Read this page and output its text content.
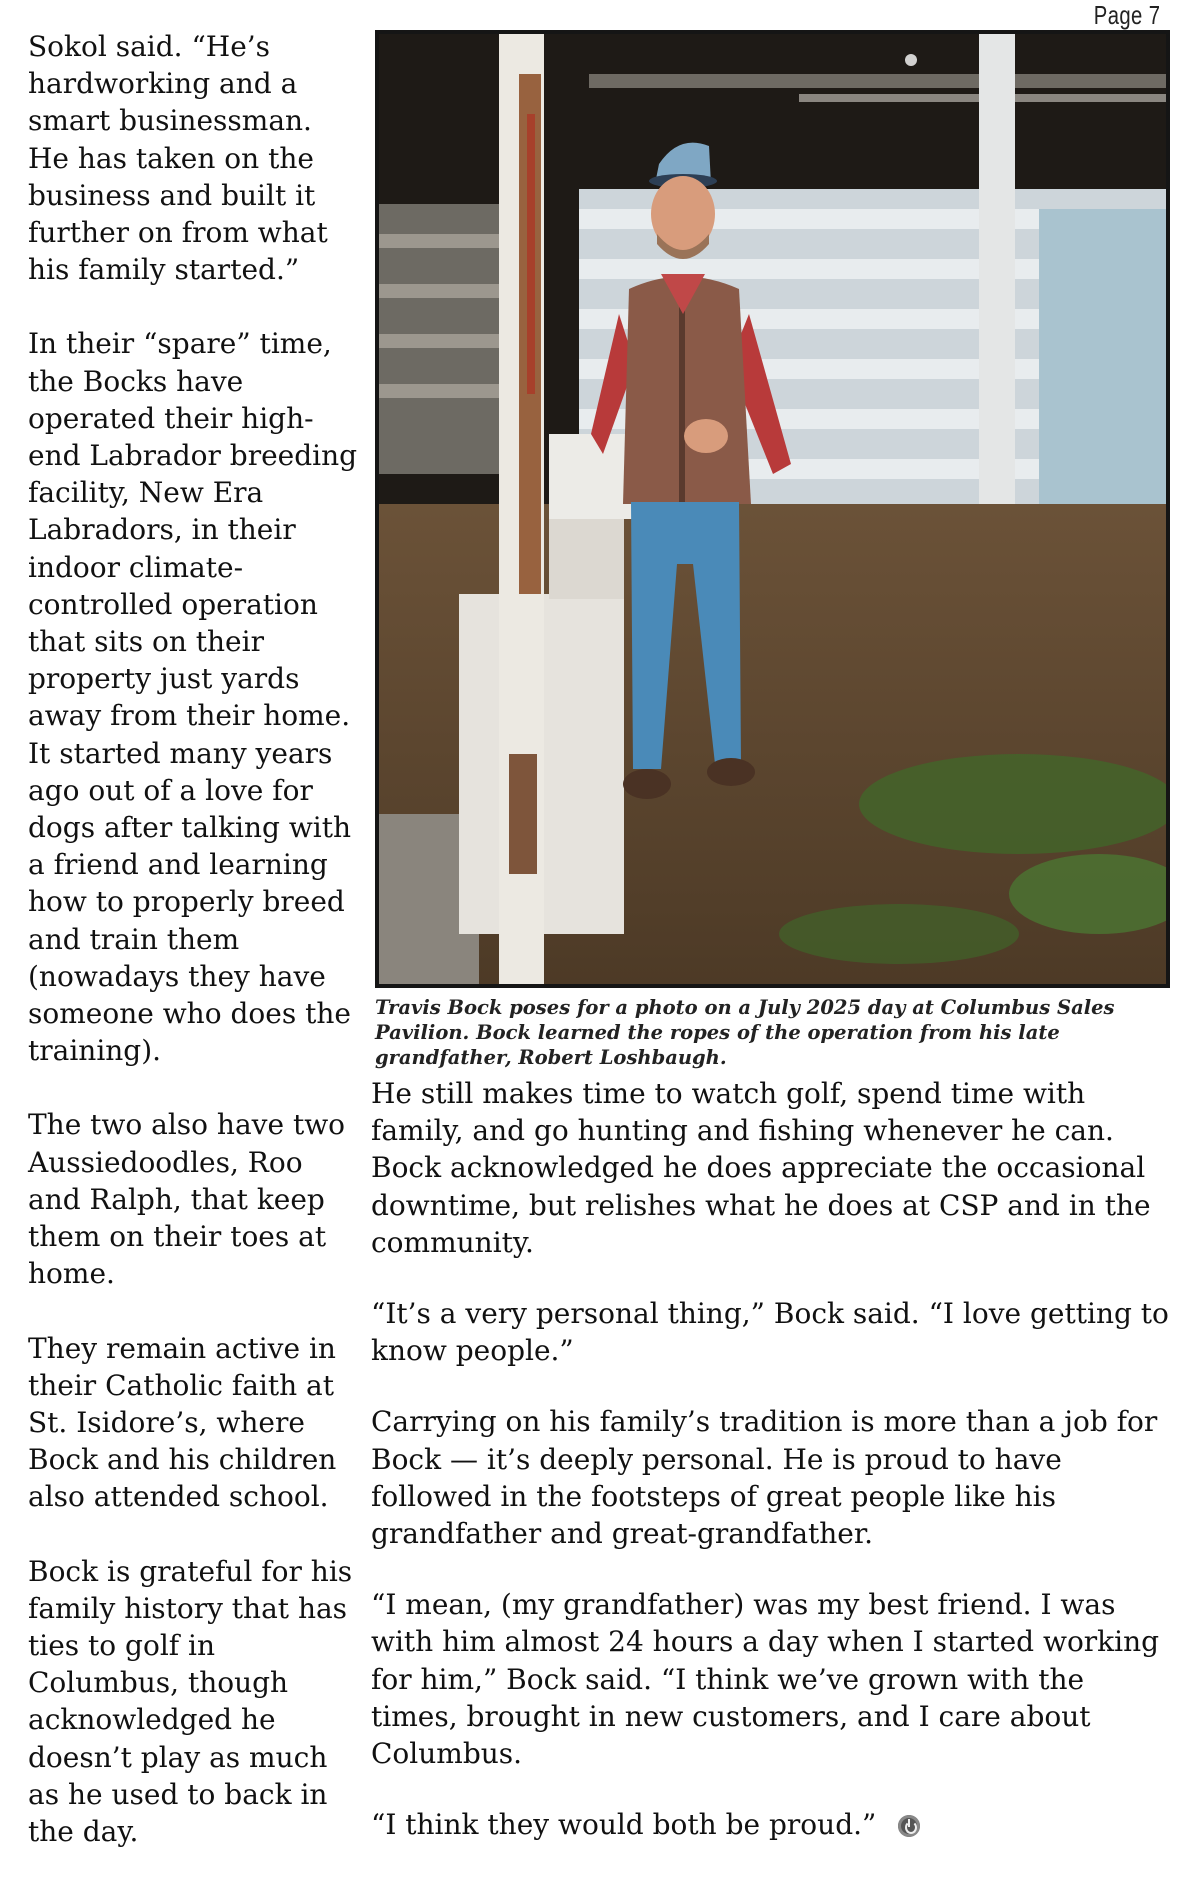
Page 7

Sokol said. “He’s hardworking and a smart businessman. He has taken on the business and built it further on from what his family started.”

In their “spare” time, the Bocks have operated their high-end Labrador breeding facility, New Era Labradors, in their indoor climate-controlled operation that sits on their property just yards away from their home. It started many years ago out of a love for dogs after talking with a friend and learning how to properly breed and train them (nowadays they have someone who does the training).

The two also have two Aussiedoodles, Roo and Ralph, that keep them on their toes at home.

They remain active in their Catholic faith at St. Isidore’s, where Bock and his children also attended school.

Bock is grateful for his family history that has ties to golf in Columbus, though acknowledged he doesn’t play as much as he used to back in the day.

Travis Bock poses for a photo on a July 2025 day at Columbus Sales Pavilion. Bock learned the ropes of the operation from his late grandfather, Robert Loshbaugh.

He still makes time to watch golf, spend time with family, and go hunting and fishing whenever he can. Bock acknowledged he does appreciate the occasional downtime, but relishes what he does at CSP and in the community.

“It’s a very personal thing,” Bock said. “I love getting to know people.”

Carrying on his family’s tradition is more than a job for Bock — it’s deeply personal. He is proud to have followed in the footsteps of great people like his grandfather and great-grandfather.

“I mean, (my grandfather) was my best friend. I was with him almost 24 hours a day when I started working for him,” Bock said. “I think we’ve grown with the times, brought in new customers, and I care about Columbus.

“I think they would both be proud.”
